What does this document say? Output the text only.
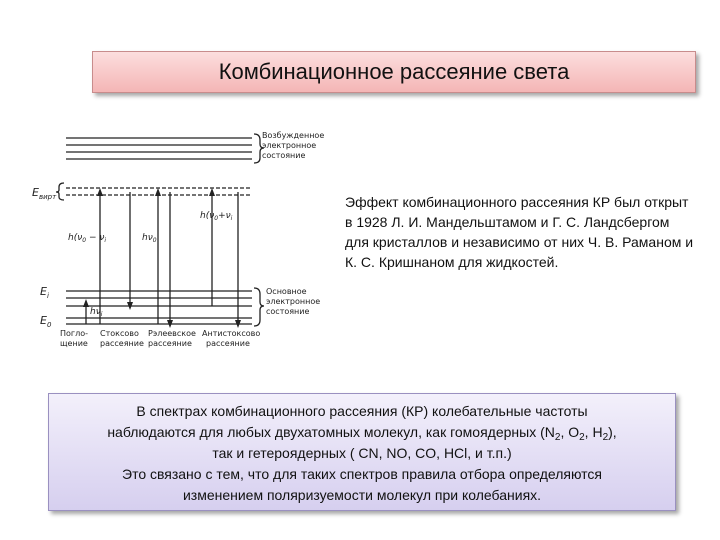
Комбинационное рассеяние света
Возбужденное
электронное
состояние
Основное
электронное
состояние
$E_{вирт}$
$E_i$
$E_0$
$h(\nu_0 - \nu_i$	$h\nu_0$
$h(\nu_0+\nu_i$
$h\nu_i$
Погло-
щение
Стоксово
рассеяние
Рэлеевское
рассеяние
Антистоксово
рассеяние
Эффект комбинационного рассеяния КР был открыт в 1928 Л. И. Мандельштамом и Г. С. Ландсбергом для кристаллов и независимо от них Ч. В. Раманом и К. С. Кришнаном для жидкостей.
В спектрах комбинационного рассеяния (КР) колебательные частоты
наблюдаются для любых двухатомных молекул, как гомоядерных ($N_2$, $O_2$, $H_2$),
так и гетероядерных ( CN, NO, CO, HCl, и т.п.)
Это связано с тем, что для таких спектров правила отбора определяются
изменением поляризуемости молекул при колебаниях.
